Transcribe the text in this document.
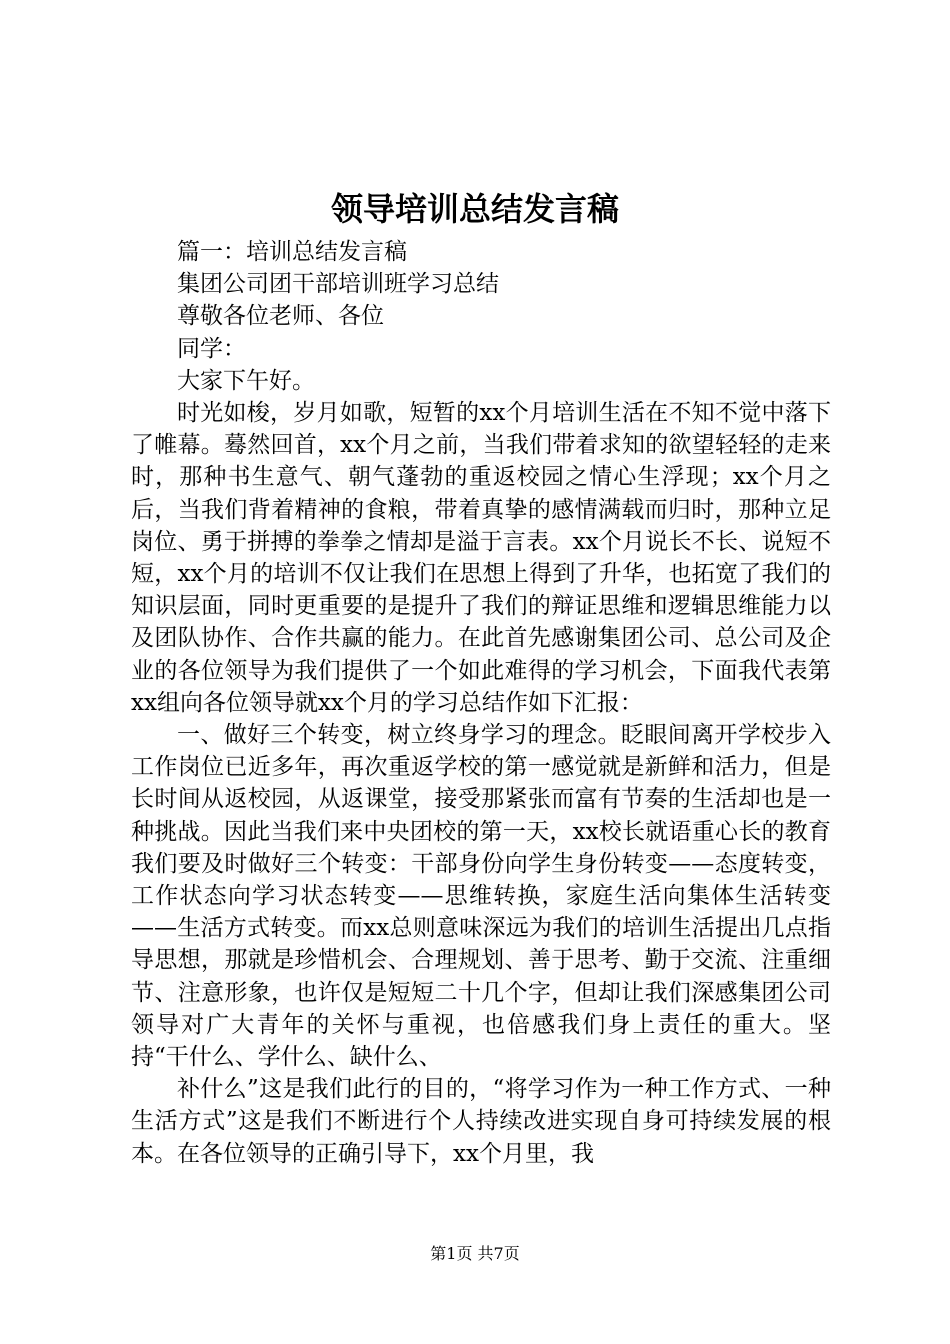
领导培训总结发言稿

篇一：培训总结发言稿

集团公司团干部培训班学习总结

尊敬各位老师、各位

同学：

大家下午好。

时光如梭，岁月如歌，短暂的xx个月培训生活在不知不觉中落下了帷幕。蓦然回首，xx个月之前，当我们带着求知的欲望轻轻的走来时，那种书生意气、朝气蓬勃的重返校园之情心生浮现；xx个月之后，当我们背着精神的食粮，带着真挚的感情满载而归时，那种立足岗位、勇于拼搏的拳拳之情却是溢于言表。xx个月说长不长、说短不短，xx个月的培训不仅让我们在思想上得到了升华，也拓宽了我们的知识层面，同时更重要的是提升了我们的辩证思维和逻辑思维能力以及团队协作、合作共赢的能力。在此首先感谢集团公司、总公司及企业的各位领导为我们提供了一个如此难得的学习机会，下面我代表第xx组向各位领导就xx个月的学习总结作如下汇报：

一、做好三个转变，树立终身学习的理念。眨眼间离开学校步入工作岗位已近多年，再次重返学校的第一感觉就是新鲜和活力，但是长时间从返校园，从返课堂，接受那紧张而富有节奏的生活却也是一种挑战。因此当我们来中央团校的第一天，xx校长就语重心长的教育我们要及时做好三个转变：干部身份向学生身份转变——态度转变，工作状态向学习状态转变——思维转换，家庭生活向集体生活转变——生活方式转变。而xx总则意味深远为我们的培训生活提出几点指导思想，那就是珍惜机会、合理规划、善于思考、勤于交流、注重细节、注意形象，也许仅是短短二十几个字，但却让我们深感集团公司领导对广大青年的关怀与重视，也倍感我们身上责任的重大。坚持“干什么、学什么、缺什么、

补什么”这是我们此行的目的，“将学习作为一种工作方式、一种生活方式”这是我们不断进行个人持续改进实现自身可持续发展的根本。在各位领导的正确引导下，xx个月里，我

第1页 共7页
